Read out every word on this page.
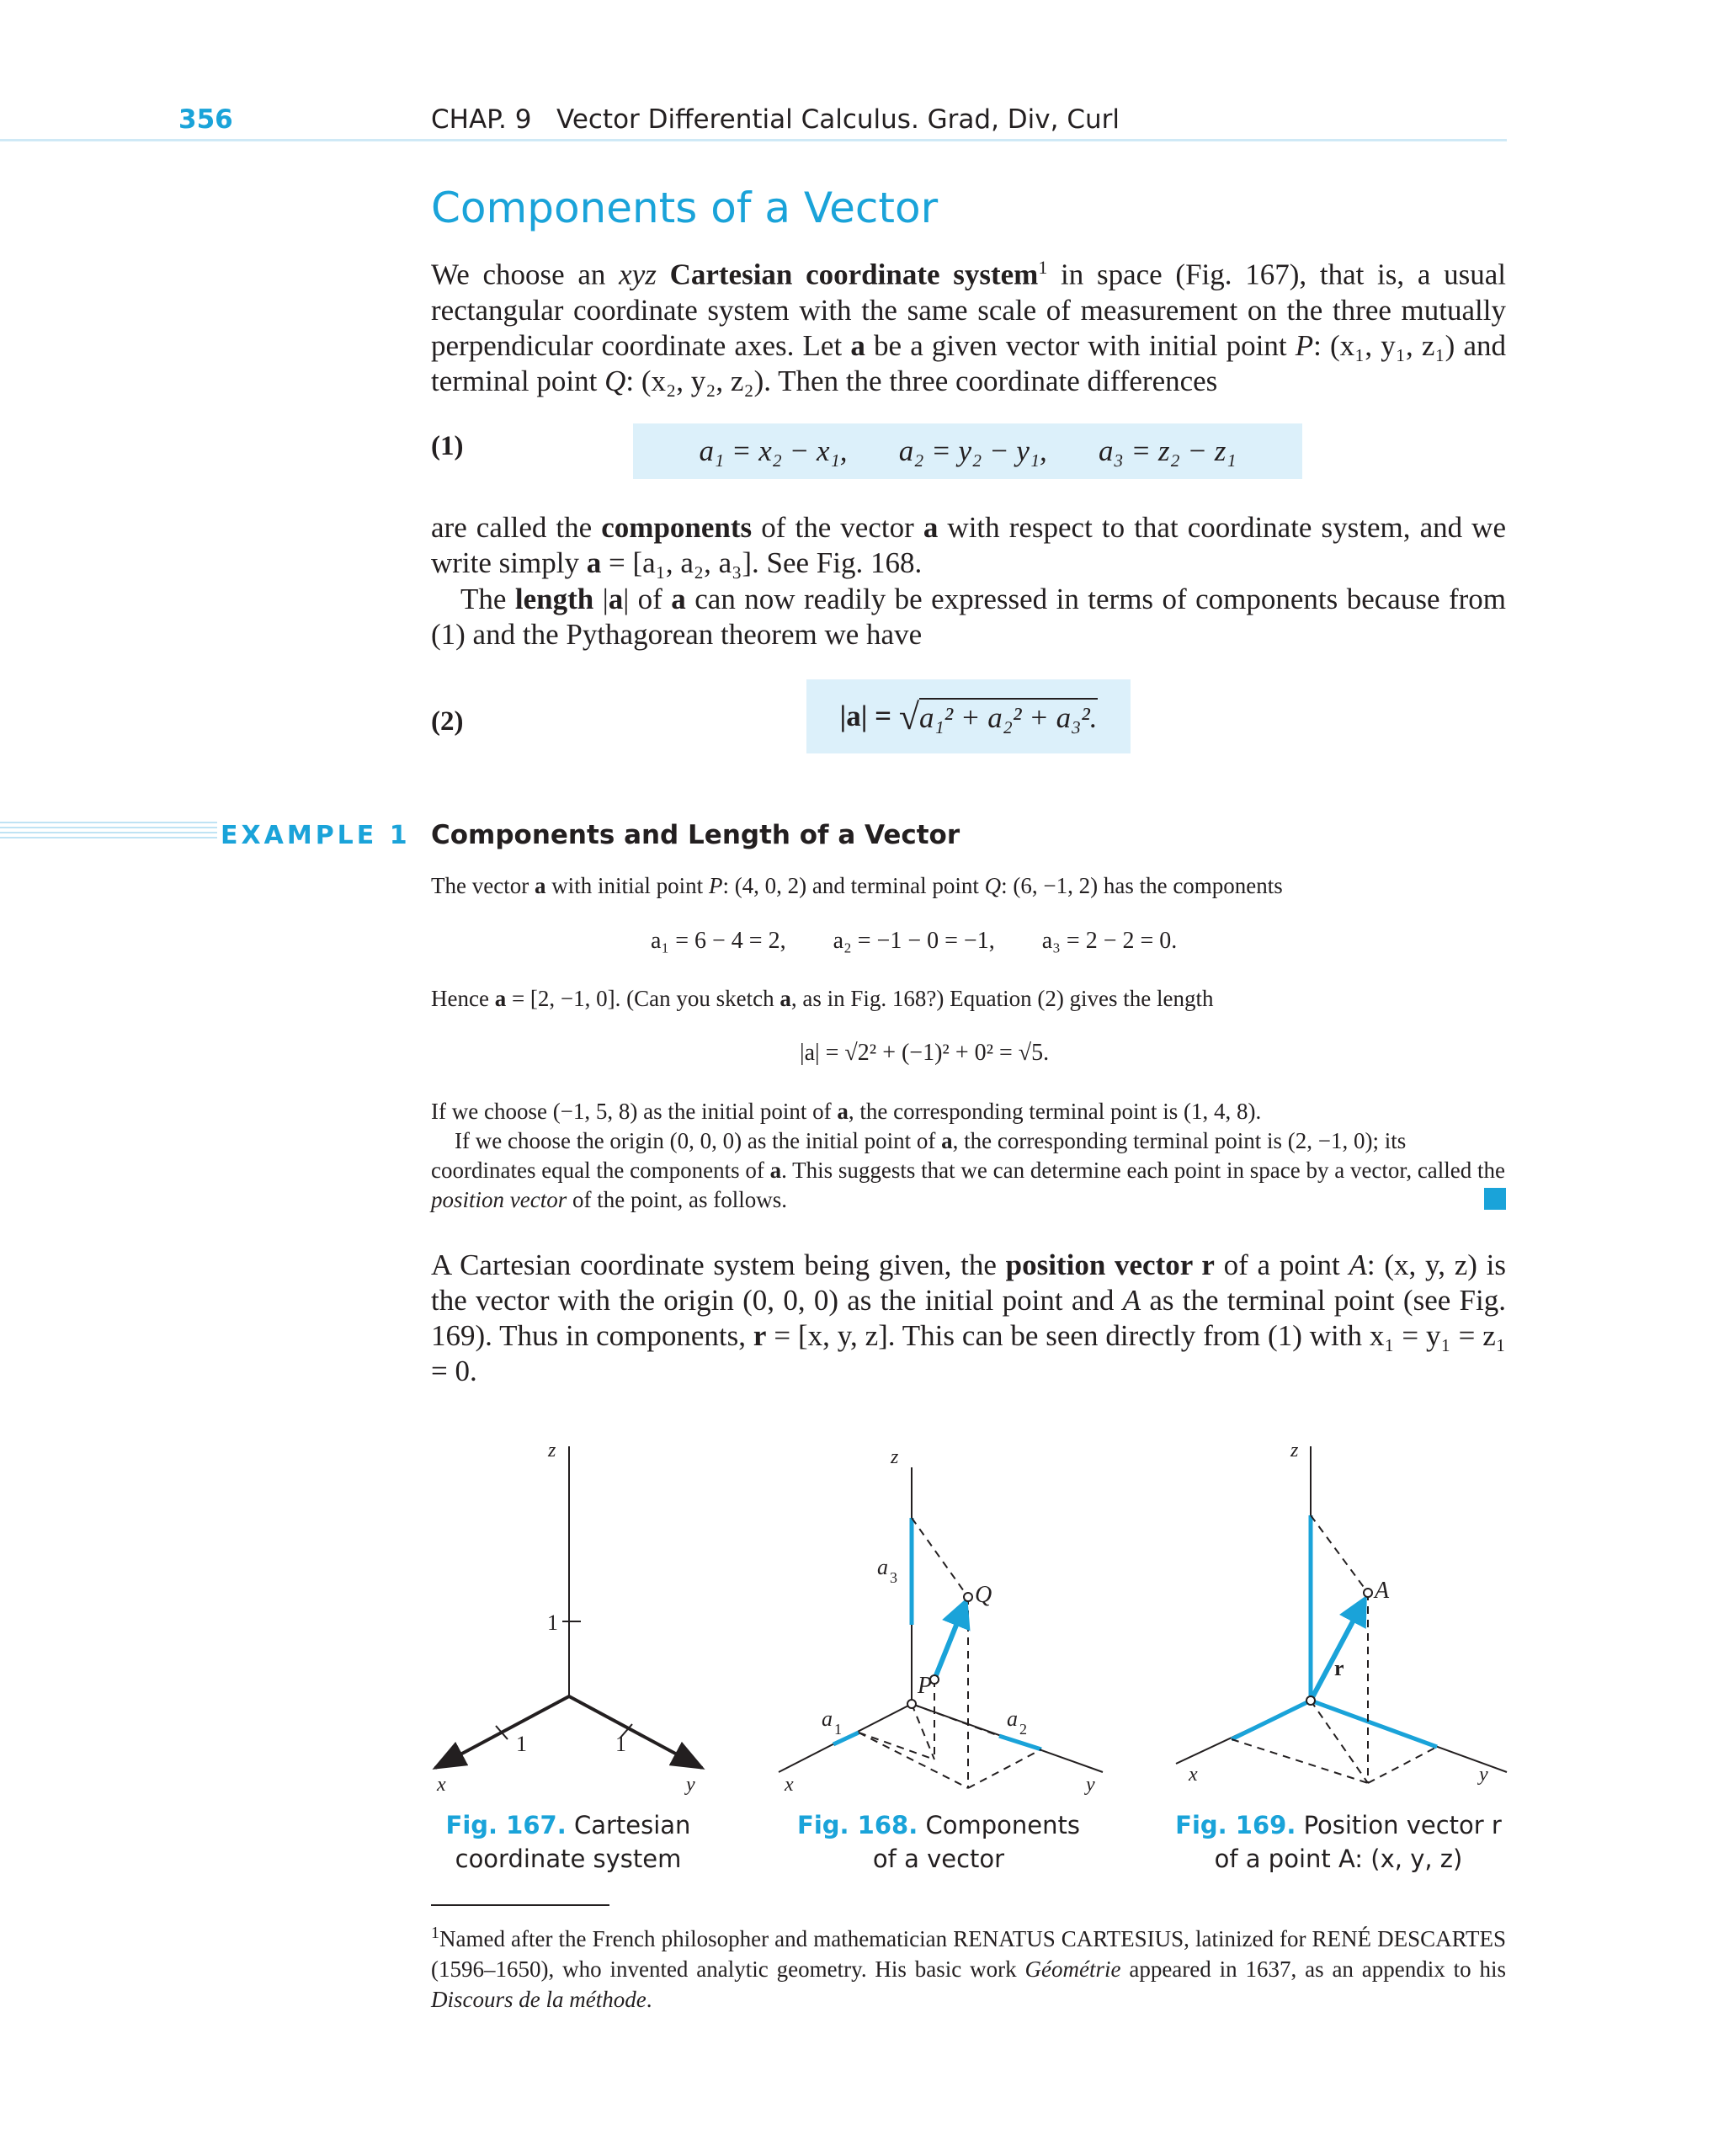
356	CHAP. 9   Vector Differential Calculus. Grad, Div, Curl
Components of a Vector
We choose an xyz Cartesian coordinate system$^1$ in space (Fig. 167), that is, a usual rectangular coordinate system with the same scale of measurement on the three mutually perpendicular coordinate axes. Let a be a given vector with initial point P: (x₁, y₁, z₁) and terminal point Q: (x₂, y₂, z₂). Then the three coordinate differences
(1)	a₁ = x₂ − x₁,       a₂ = y₂ − y₁,       a₃ = z₂ − z₁
are called the components of the vector a with respect to that coordinate system, and we write simply a = [a₁, a₂, a₃]. See Fig. 168.
The length |a| of a can now readily be expressed in terms of components because from (1) and the Pythagorean theorem we have
(2)	|a| = √ a₁² + a₂² + a₃².
EXAMPLE 1 Components and Length of a Vector
The vector a with initial point P: (4, 0, 2) and terminal point Q: (6, −1, 2) has the components
a₁ = 6 − 4 = 2,        a₂ = −1 − 0 = −1,        a₃ = 2 − 2 = 0.
Hence a = [2, −1, 0]. (Can you sketch a, as in Fig. 168?) Equation (2) gives the length
|a| = √2² + (−1)² + 0² = √5.
If we choose (−1, 5, 8) as the initial point of a, the corresponding terminal point is (1, 4, 8).
If we choose the origin (0, 0, 0) as the initial point of a, the corresponding terminal point is (2, −1, 0); its coordinates equal the components of a. This suggests that we can determine each point in space by a vector, called the position vector of the point, as follows.
A Cartesian coordinate system being given, the position vector r of a point A: (x, y, z) is the vector with the origin (0, 0, 0) as the initial point and A as the terminal point (see Fig. 169). Thus in components, r = [x, y, z]. This can be seen directly from (1) with x₁ = y₁ = z₁ = 0.
z
1
1	1
x	y
z
x	y
Q
P
a 3
a 1	a 2
z
x	y
A
r
Fig. 167. Cartesian
coordinate system
Fig. 168. Components
of a vector
Fig. 169. Position vector r
of a point A: (x, y, z)
$^1$Named after the French philosopher and mathematician RENATUS CARTESIUS, latinized for RENÉ DESCARTES (1596–1650), who invented analytic geometry. His basic work Géométrie appeared in 1637, as an appendix to his Discours de la méthode.
